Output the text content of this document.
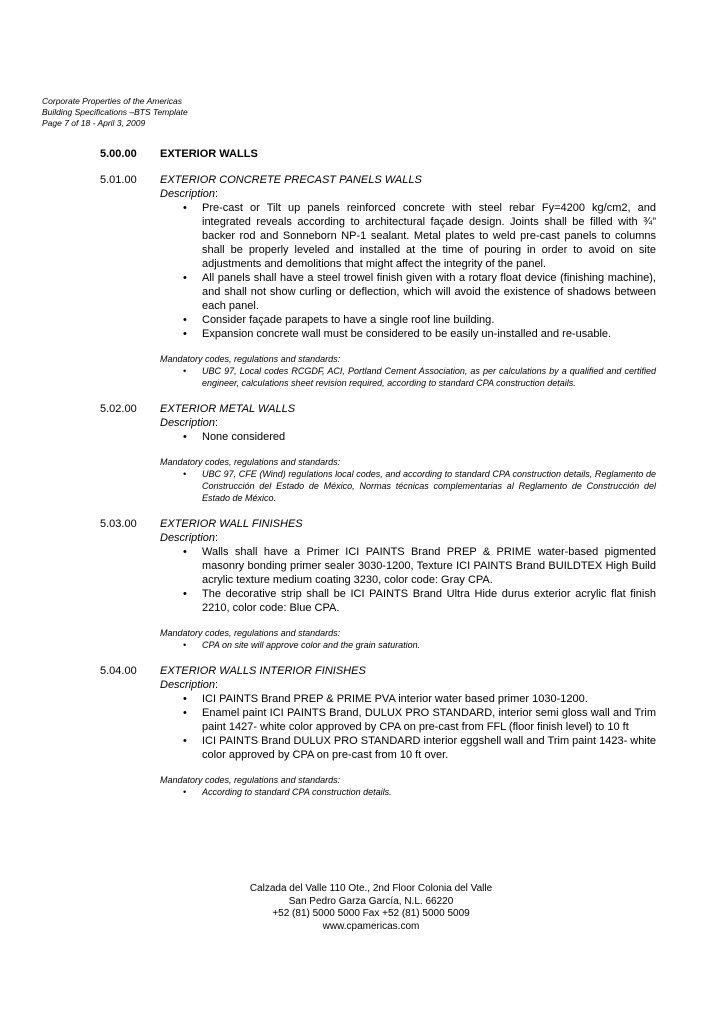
Corporate Properties of the Americas
Building Specifications –BTS Template
Page 7 of 18 - April 3, 2009
5.00.00	EXTERIOR WALLS
5.01.00	EXTERIOR CONCRETE PRECAST PANELS WALLS
Description:
• Pre-cast or Tilt up panels reinforced concrete with steel rebar Fy=4200 kg/cm2, and integrated reveals according to architectural façade design. Joints shall be filled with ¾” backer rod and Sonneborn NP-1 sealant. Metal plates to weld pre-cast panels to columns shall be properly leveled and installed at the time of pouring in order to avoid on site adjustments and demolitions that might affect the integrity of the panel.
• All panels shall have a steel trowel finish given with a rotary float device (finishing machine), and shall not show curling or deflection, which will avoid the existence of shadows between each panel.
• Consider façade parapets to have a single roof line building.
• Expansion concrete wall must be considered to be easily un-installed and re-usable.
Mandatory codes, regulations and standards:
• UBC 97, Local codes RCGDF, ACI, Portland Cement Association, as per calculations by a qualified and certified engineer, calculations sheet revision required, according to standard CPA construction details.
5.02.00	EXTERIOR METAL WALLS
Description:
• None considered
Mandatory codes, regulations and standards:
• UBC 97, CFE (Wind) regulations local codes, and according to standard CPA construction details, Reglamento de Construcción del Estado de México, Normas técnicas complementarias al Reglamento de Construcción del Estado de México.
5.03.00	EXTERIOR WALL FINISHES
Description:
• Walls shall have a Primer ICI PAINTS Brand PREP & PRIME water-based pigmented masonry bonding primer sealer 3030-1200, Texture ICI PAINTS Brand BUILDTEX High Build acrylic texture medium coating 3230, color code: Gray CPA.
• The decorative strip shall be ICI PAINTS Brand Ultra Hide durus exterior acrylic flat finish 2210, color code: Blue CPA.
Mandatory codes, regulations and standards:
• CPA on site will approve color and the grain saturation.
5.04.00	EXTERIOR WALLS INTERIOR FINISHES
Description:
• ICI PAINTS Brand PREP & PRIME PVA interior water based primer 1030-1200.
• Enamel paint ICI PAINTS Brand, DULUX PRO STANDARD, interior semi gloss wall and Trim paint 1427- white color approved by CPA on pre-cast from FFL (floor finish level) to 10 ft
• ICI PAINTS Brand DULUX PRO STANDARD interior eggshell wall and Trim paint 1423- white color approved by CPA on pre-cast from 10 ft over.
Mandatory codes, regulations and standards:
• According to standard CPA construction details.
Calzada del Valle 110 Ote., 2nd Floor Colonia del Valle
San Pedro Garza García, N.L. 66220
+52 (81) 5000 5000 Fax +52 (81) 5000 5009
www.cpamericas.com
